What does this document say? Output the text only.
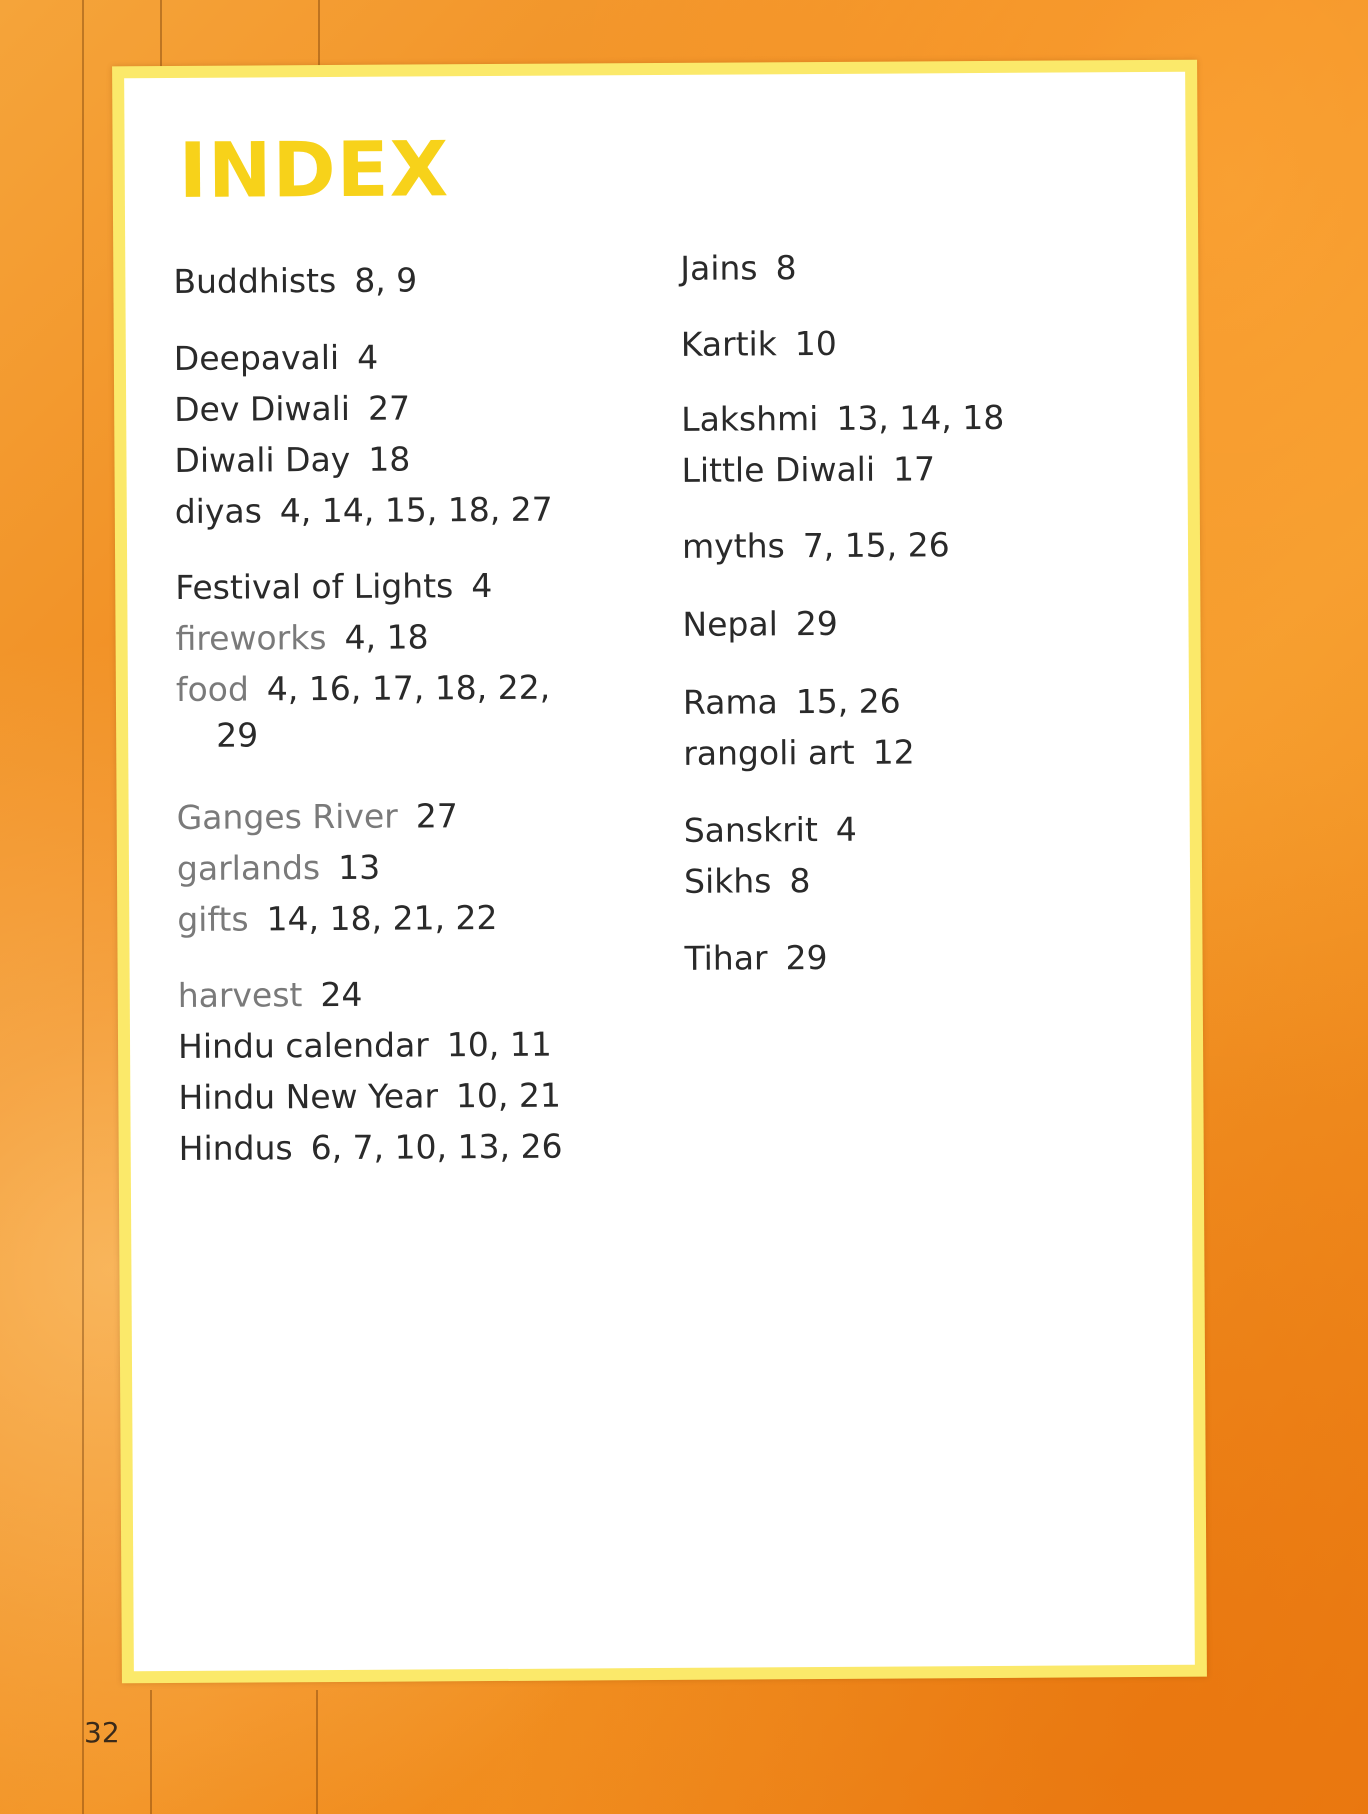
INDEX
Buddhists 8, 9
Deepavali 4
Dev Diwali 27
Diwali Day 18
diyas 4, 14, 15, 18, 27
Festival of Lights 4
fireworks 4, 18
food 4, 16, 17, 18, 22,
29
Ganges River 27
garlands 13
gifts 14, 18, 21, 22
harvest 24
Hindu calendar 10, 11
Hindu New Year 10, 21
Hindus 6, 7, 10, 13, 26
Jains 8
Kartik 10
Lakshmi 13, 14, 18
Little Diwali 17
myths 7, 15, 26
Nepal 29
Rama 15, 26
rangoli art 12
Sanskrit 4
Sikhs 8
Tihar 29
32
